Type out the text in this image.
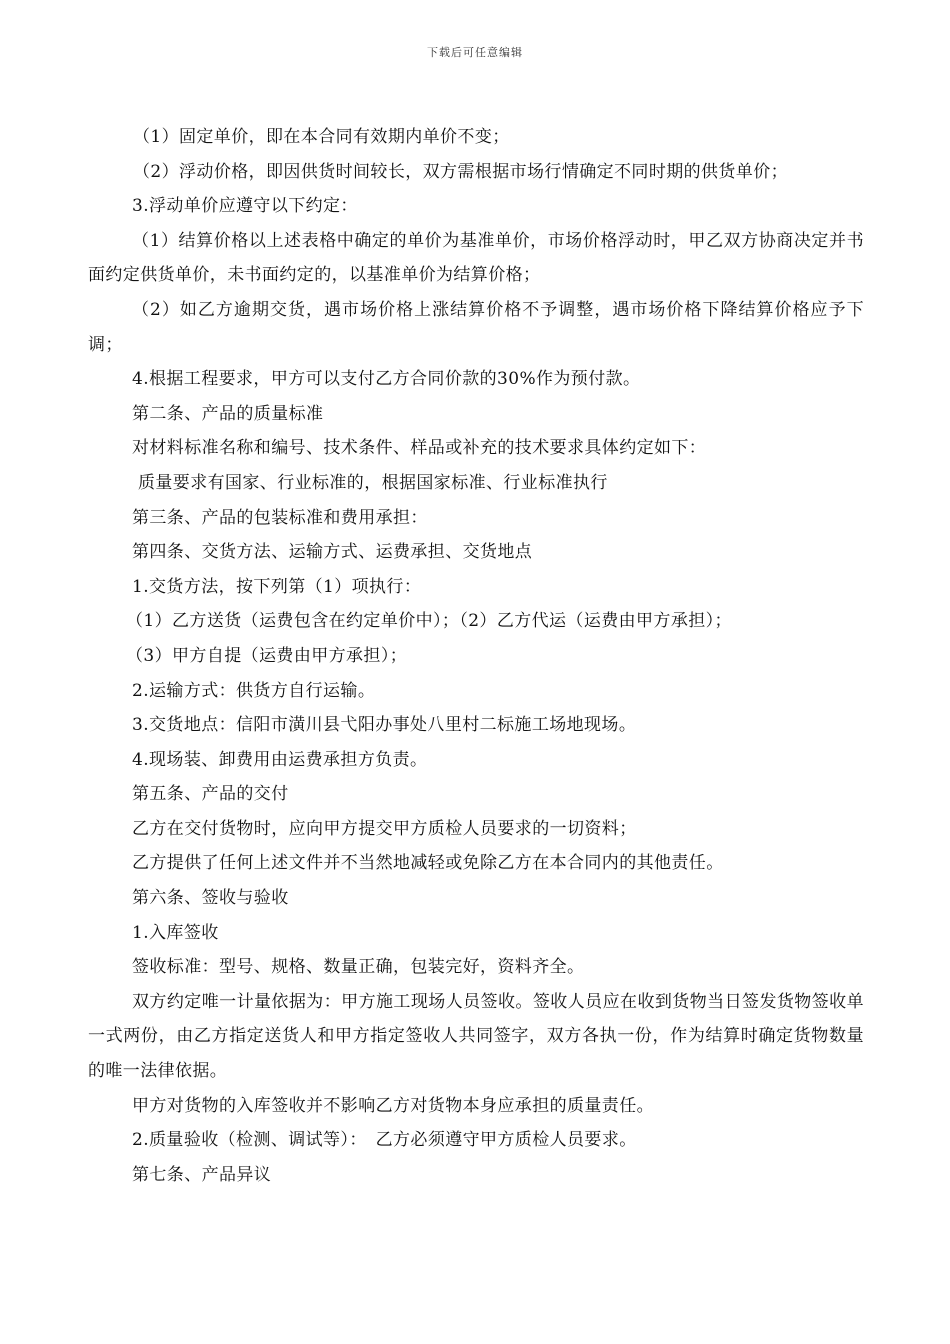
下载后可任意编辑
（1）固定单价，即在本合同有效期内单价不变；
（2）浮动价格，即因供货时间较长，双方需根据市场行情确定不同时期的供货单价；
3.浮动单价应遵守以下约定：
（1）结算价格以上述表格中确定的单价为基准单价，市场价格浮动时，甲乙双方协商决定并书面约定供货单价，未书面约定的，以基准单价为结算价格；
（2）如乙方逾期交货，遇市场价格上涨结算价格不予调整，遇市场价格下降结算价格应予下调；
4.根据工程要求，甲方可以支付乙方合同价款的30%作为预付款。
第二条、产品的质量标准
对材料标准名称和编号、技术条件、样品或补充的技术要求具体约定如下：
质量要求有国家、行业标准的，根据国家标准、行业标准执行
第三条、产品的包装标准和费用承担：
第四条、交货方法、运输方式、运费承担、交货地点
1.交货方法，按下列第（1）项执行：
（1）乙方送货（运费包含在约定单价中）；（2）乙方代运（运费由甲方承担）；
（3）甲方自提（运费由甲方承担）；
2.运输方式：供货方自行运输。
3.交货地点：信阳市潢川县弋阳办事处八里村二标施工场地现场。
4.现场装、卸费用由运费承担方负责。
第五条、产品的交付
乙方在交付货物时，应向甲方提交甲方质检人员要求的一切资料；
乙方提供了任何上述文件并不当然地减轻或免除乙方在本合同内的其他责任。
第六条、签收与验收
1.入库签收
签收标准：型号、规格、数量正确，包装完好，资料齐全。
双方约定唯一计量依据为：甲方施工现场人员签收。签收人员应在收到货物当日签发货物签收单一式两份，由乙方指定送货人和甲方指定签收人共同签字，双方各执一份，作为结算时确定货物数量的唯一法律依据。
甲方对货物的入库签收并不影响乙方对货物本身应承担的质量责任。
2.质量验收（检测、调试等）：　乙方必须遵守甲方质检人员要求。
第七条、产品异议
